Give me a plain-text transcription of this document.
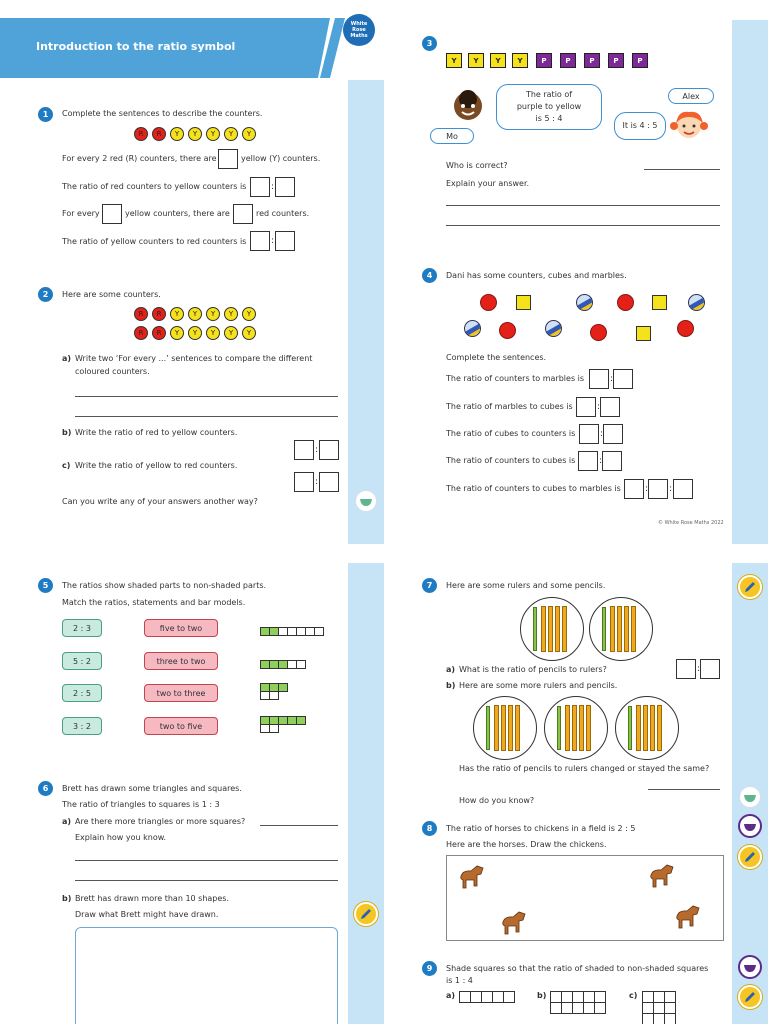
Introduction to the ratio symbol
White
Rose
Maths
1	Complete the sentences to describe the counters.
R	R	Y	Y	Y	Y	Y
For every 2 red (R) counters, there are	yellow (Y) counters.
The ratio of red counters to yellow counters is	:
For every	yellow counters, there are	red counters.
The ratio of yellow counters to red counters is	:
2	Here are some counters.
R	R	Y	Y	Y	Y	Y
R	R	Y	Y	Y	Y	Y
a) Write two ‘For every ...’ sentences to compare the different
coloured counters.
b) Write the ratio of red to yellow counters.
:
c) Write the ratio of yellow to red counters.
:
Can you write any of your answers another way?
3
Y	Y	Y	Y	P	P	P	P	P
The ratio of
purple to yellow
is 5 : 4
Mo
Alex
It is 4 : 5
Who is correct?
Explain your answer.
4	Dani has some counters, cubes and marbles.
Complete the sentences.
The ratio of counters to marbles is	:
The ratio of marbles to cubes is	:
The ratio of cubes to counters is	:
The ratio of counters to cubes is	:
The ratio of counters to cubes to marbles is	: :
© White Rose Maths 2022
5	The ratios show shaded parts to non-shaded parts.
Match the ratios, statements and bar models.
2 : 3
5 : 2
2 : 5
3 : 2
five to two
three to two
two to three
two to five
6	Brett has drawn some triangles and squares.
The ratio of triangles to squares is 1 : 3
a) Are there more triangles or more squares?
Explain how you know.
b) Brett has drawn more than 10 shapes.
Draw what Brett might have drawn.
7	Here are some rulers and some pencils.
a) What is the ratio of pencils to rulers?	:
b) Here are some more rulers and pencils.
Has the ratio of pencils to rulers changed or stayed the same?
How do you know?
8	The ratio of horses to chickens in a field is 2 : 5
Here are the horses. Draw the chickens.
9	Shade squares so that the ratio of shaded to non-shaded squares
is 1 : 4
a)	b)	c)
